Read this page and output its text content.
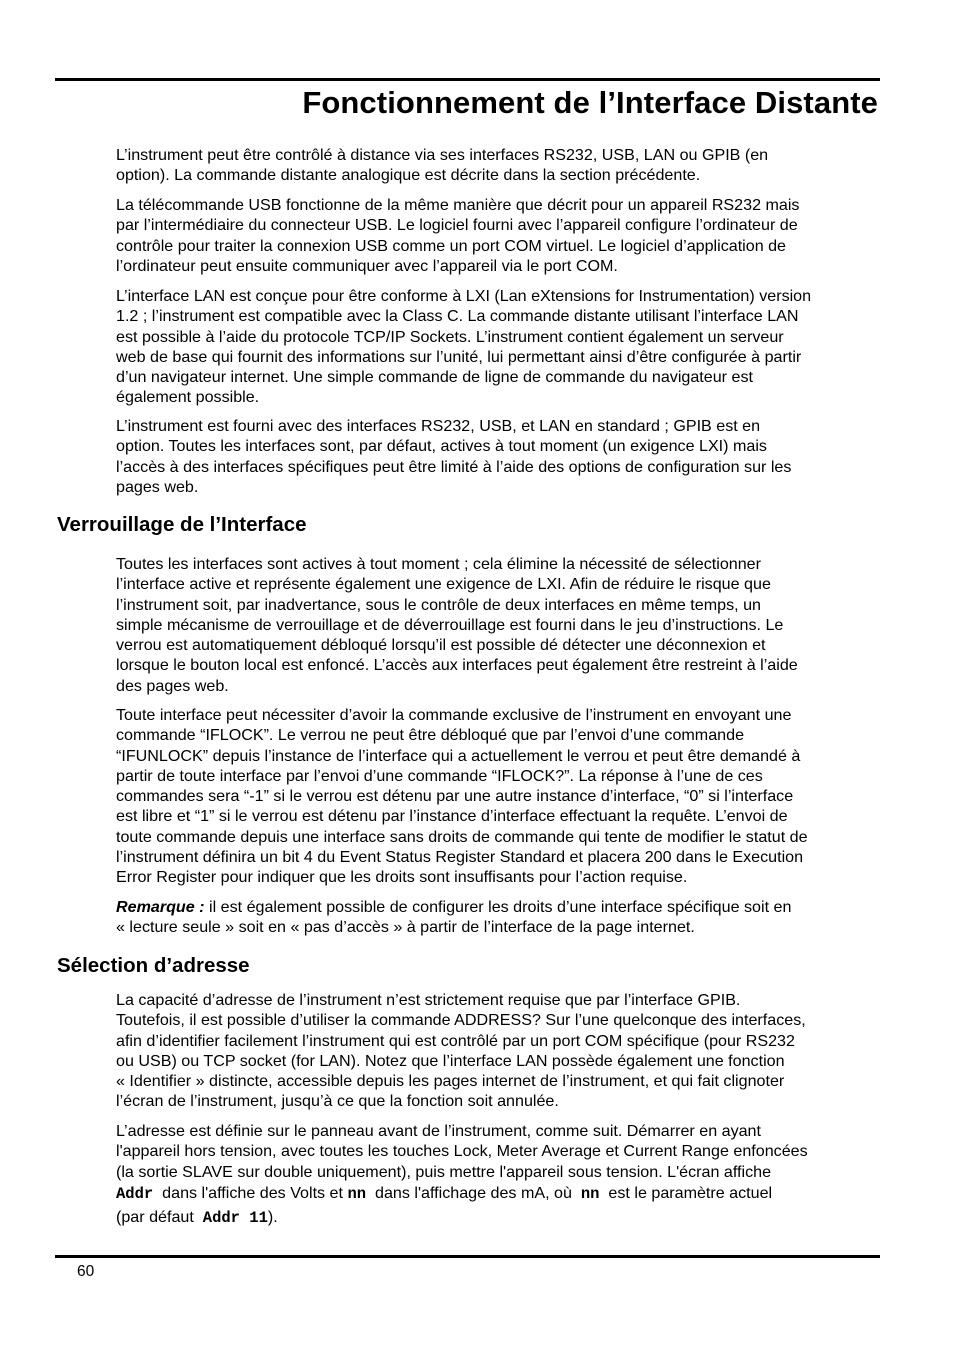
Fonctionnement de l’Interface Distante

L’instrument peut être contrôlé à distance via ses interfaces RS232, USB, LAN ou GPIB (en
option). La commande distante analogique est décrite dans la section précédente.

La télécommande USB fonctionne de la même manière que décrit pour un appareil RS232 mais
par l’intermédiaire du connecteur USB. Le logiciel fourni avec l’appareil configure l’ordinateur de
contrôle pour traiter la connexion USB comme un port COM virtuel. Le logiciel d’application de
l’ordinateur peut ensuite communiquer avec l’appareil via le port COM.

L’interface LAN est conçue pour être conforme à LXI (Lan eXtensions for Instrumentation) version
1.2 ; l’instrument est compatible avec la Class C. La commande distante utilisant l’interface LAN
est possible à l’aide du protocole TCP/IP Sockets. L’instrument contient également un serveur
web de base qui fournit des informations sur l’unité, lui permettant ainsi d’être configurée à partir
d’un navigateur internet. Une simple commande de ligne de commande du navigateur est
également possible.

L’instrument est fourni avec des interfaces RS232, USB, et LAN en standard ; GPIB est en
option. Toutes les interfaces sont, par défaut, actives à tout moment (un exigence LXI) mais
l’accès à des interfaces spécifiques peut être limité à l’aide des options de configuration sur les
pages web.

Verrouillage de l’Interface

Toutes les interfaces sont actives à tout moment ; cela élimine la nécessité de sélectionner
l’interface active et représente également une exigence de LXI. Afin de réduire le risque que
l’instrument soit, par inadvertance, sous le contrôle de deux interfaces en même temps, un
simple mécanisme de verrouillage et de déverrouillage est fourni dans le jeu d’instructions. Le
verrou est automatiquement débloqué lorsqu’il est possible dé détecter une déconnexion et
lorsque le bouton local est enfoncé. L’accès aux interfaces peut également être restreint à l’aide
des pages web.

Toute interface peut nécessiter d’avoir la commande exclusive de l’instrument en envoyant une
commande “IFLOCK”. Le verrou ne peut être débloqué que par l’envoi d’une commande
“IFUNLOCK” depuis l’instance de l’interface qui a actuellement le verrou et peut être demandé à
partir de toute interface par l’envoi d’une commande “IFLOCK?”. La réponse à l’une de ces
commandes sera “-1” si le verrou est détenu par une autre instance d’interface, “0” si l’interface
est libre et “1” si le verrou est détenu par l’instance d’interface effectuant la requête. L’envoi de
toute commande depuis une interface sans droits de commande qui tente de modifier le statut de
l’instrument définira un bit 4 du Event Status Register Standard et placera 200 dans le Execution
Error Register pour indiquer que les droits sont insuffisants pour l’action requise.

Remarque : il est également possible de configurer les droits d’une interface spécifique soit en
« lecture seule » soit en « pas d’accès » à partir de l’interface de la page internet.

Sélection d’adresse

La capacité d’adresse de l’instrument n’est strictement requise que par l’interface GPIB.
Toutefois, il est possible d’utiliser la commande ADDRESS? Sur l’une quelconque des interfaces,
afin d’identifier facilement l’instrument qui est contrôlé par un port COM spécifique (pour RS232
ou USB) ou TCP socket (for LAN). Notez que l’interface LAN possède également une fonction
« Identifier » distincte, accessible depuis les pages internet de l’instrument, et qui fait clignoter
l’écran de l’instrument, jusqu’à ce que la fonction soit annulée.

L’adresse est définie sur le panneau avant de l’instrument, comme suit. Démarrer en ayant
l'appareil hors tension, avec toutes les touches Lock, Meter Average et Current Range enfoncées
(la sortie SLAVE sur double uniquement), puis mettre l'appareil sous tension. L'écran affiche
Addr  dans l'affiche des Volts et nn  dans l'affichage des mA, où  nn  est le paramètre actuel
(par défaut  Addr 11).

60
